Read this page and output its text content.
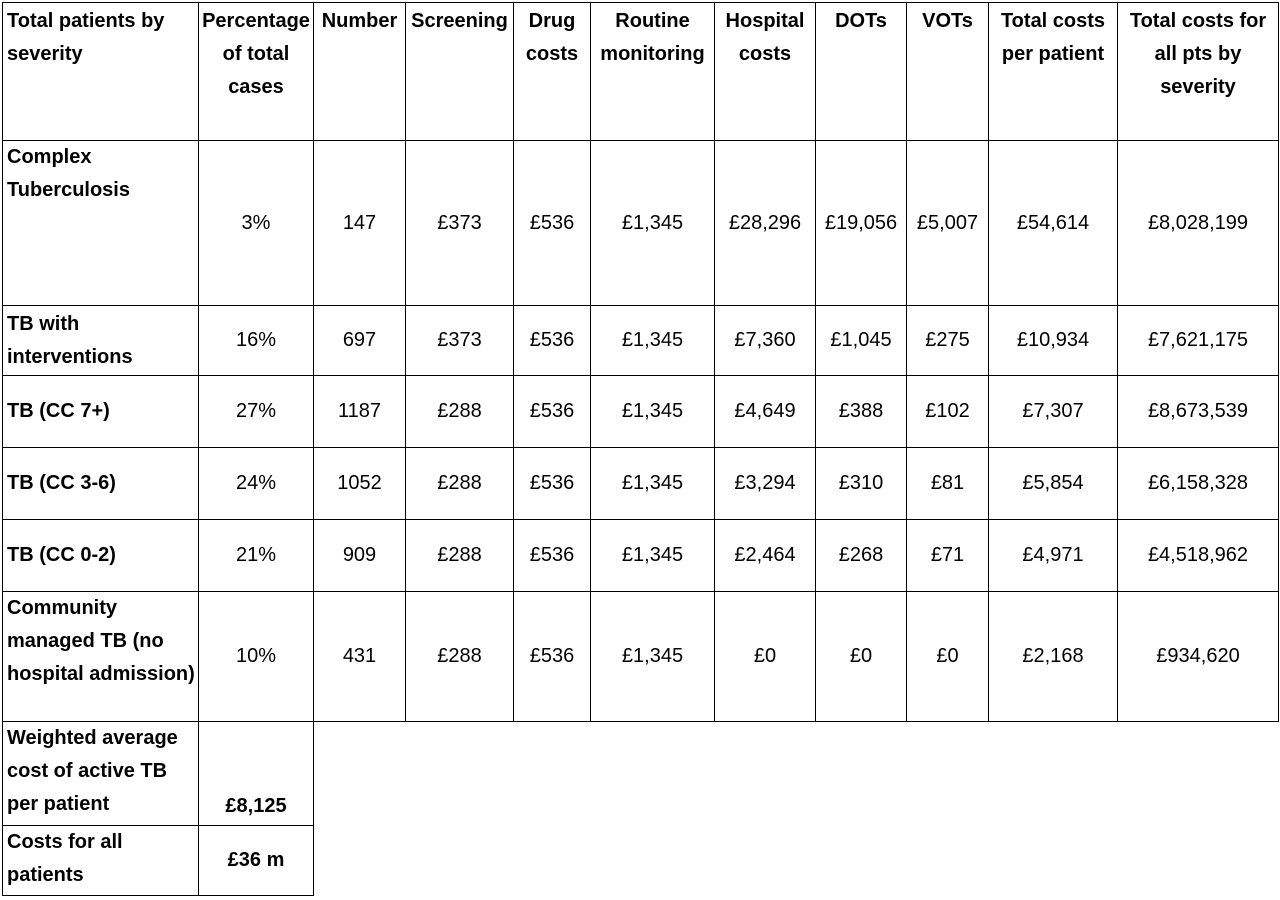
Total patients by severity	Percentage of total cases	Number	Screening	Drug costs	Routine monitoring	Hospital costs	DOTs	VOTs	Total costs per patient	Total costs for all pts by severity
Complex Tuberculosis	3%	147	£373	£536	£1,345	£28,296	£19,056	£5,007	£54,614	£8,028,199
TB with interventions	16%	697	£373	£536	£1,345	£7,360	£1,045	£275	£10,934	£7,621,175
TB (CC 7+)	27%	1187	£288	£536	£1,345	£4,649	£388	£102	£7,307	£8,673,539
TB (CC 3-6)	24%	1052	£288	£536	£1,345	£3,294	£310	£81	£5,854	£6,158,328
TB (CC 0-2)	21%	909	£288	£536	£1,345	£2,464	£268	£71	£4,971	£4,518,962
Community managed TB (no hospital admission)	10%	431	£288	£536	£1,345	£0	£0	£0	£2,168	£934,620
Weighted average cost of active TB per patient	£8,125
Costs for all patients	£36 m
